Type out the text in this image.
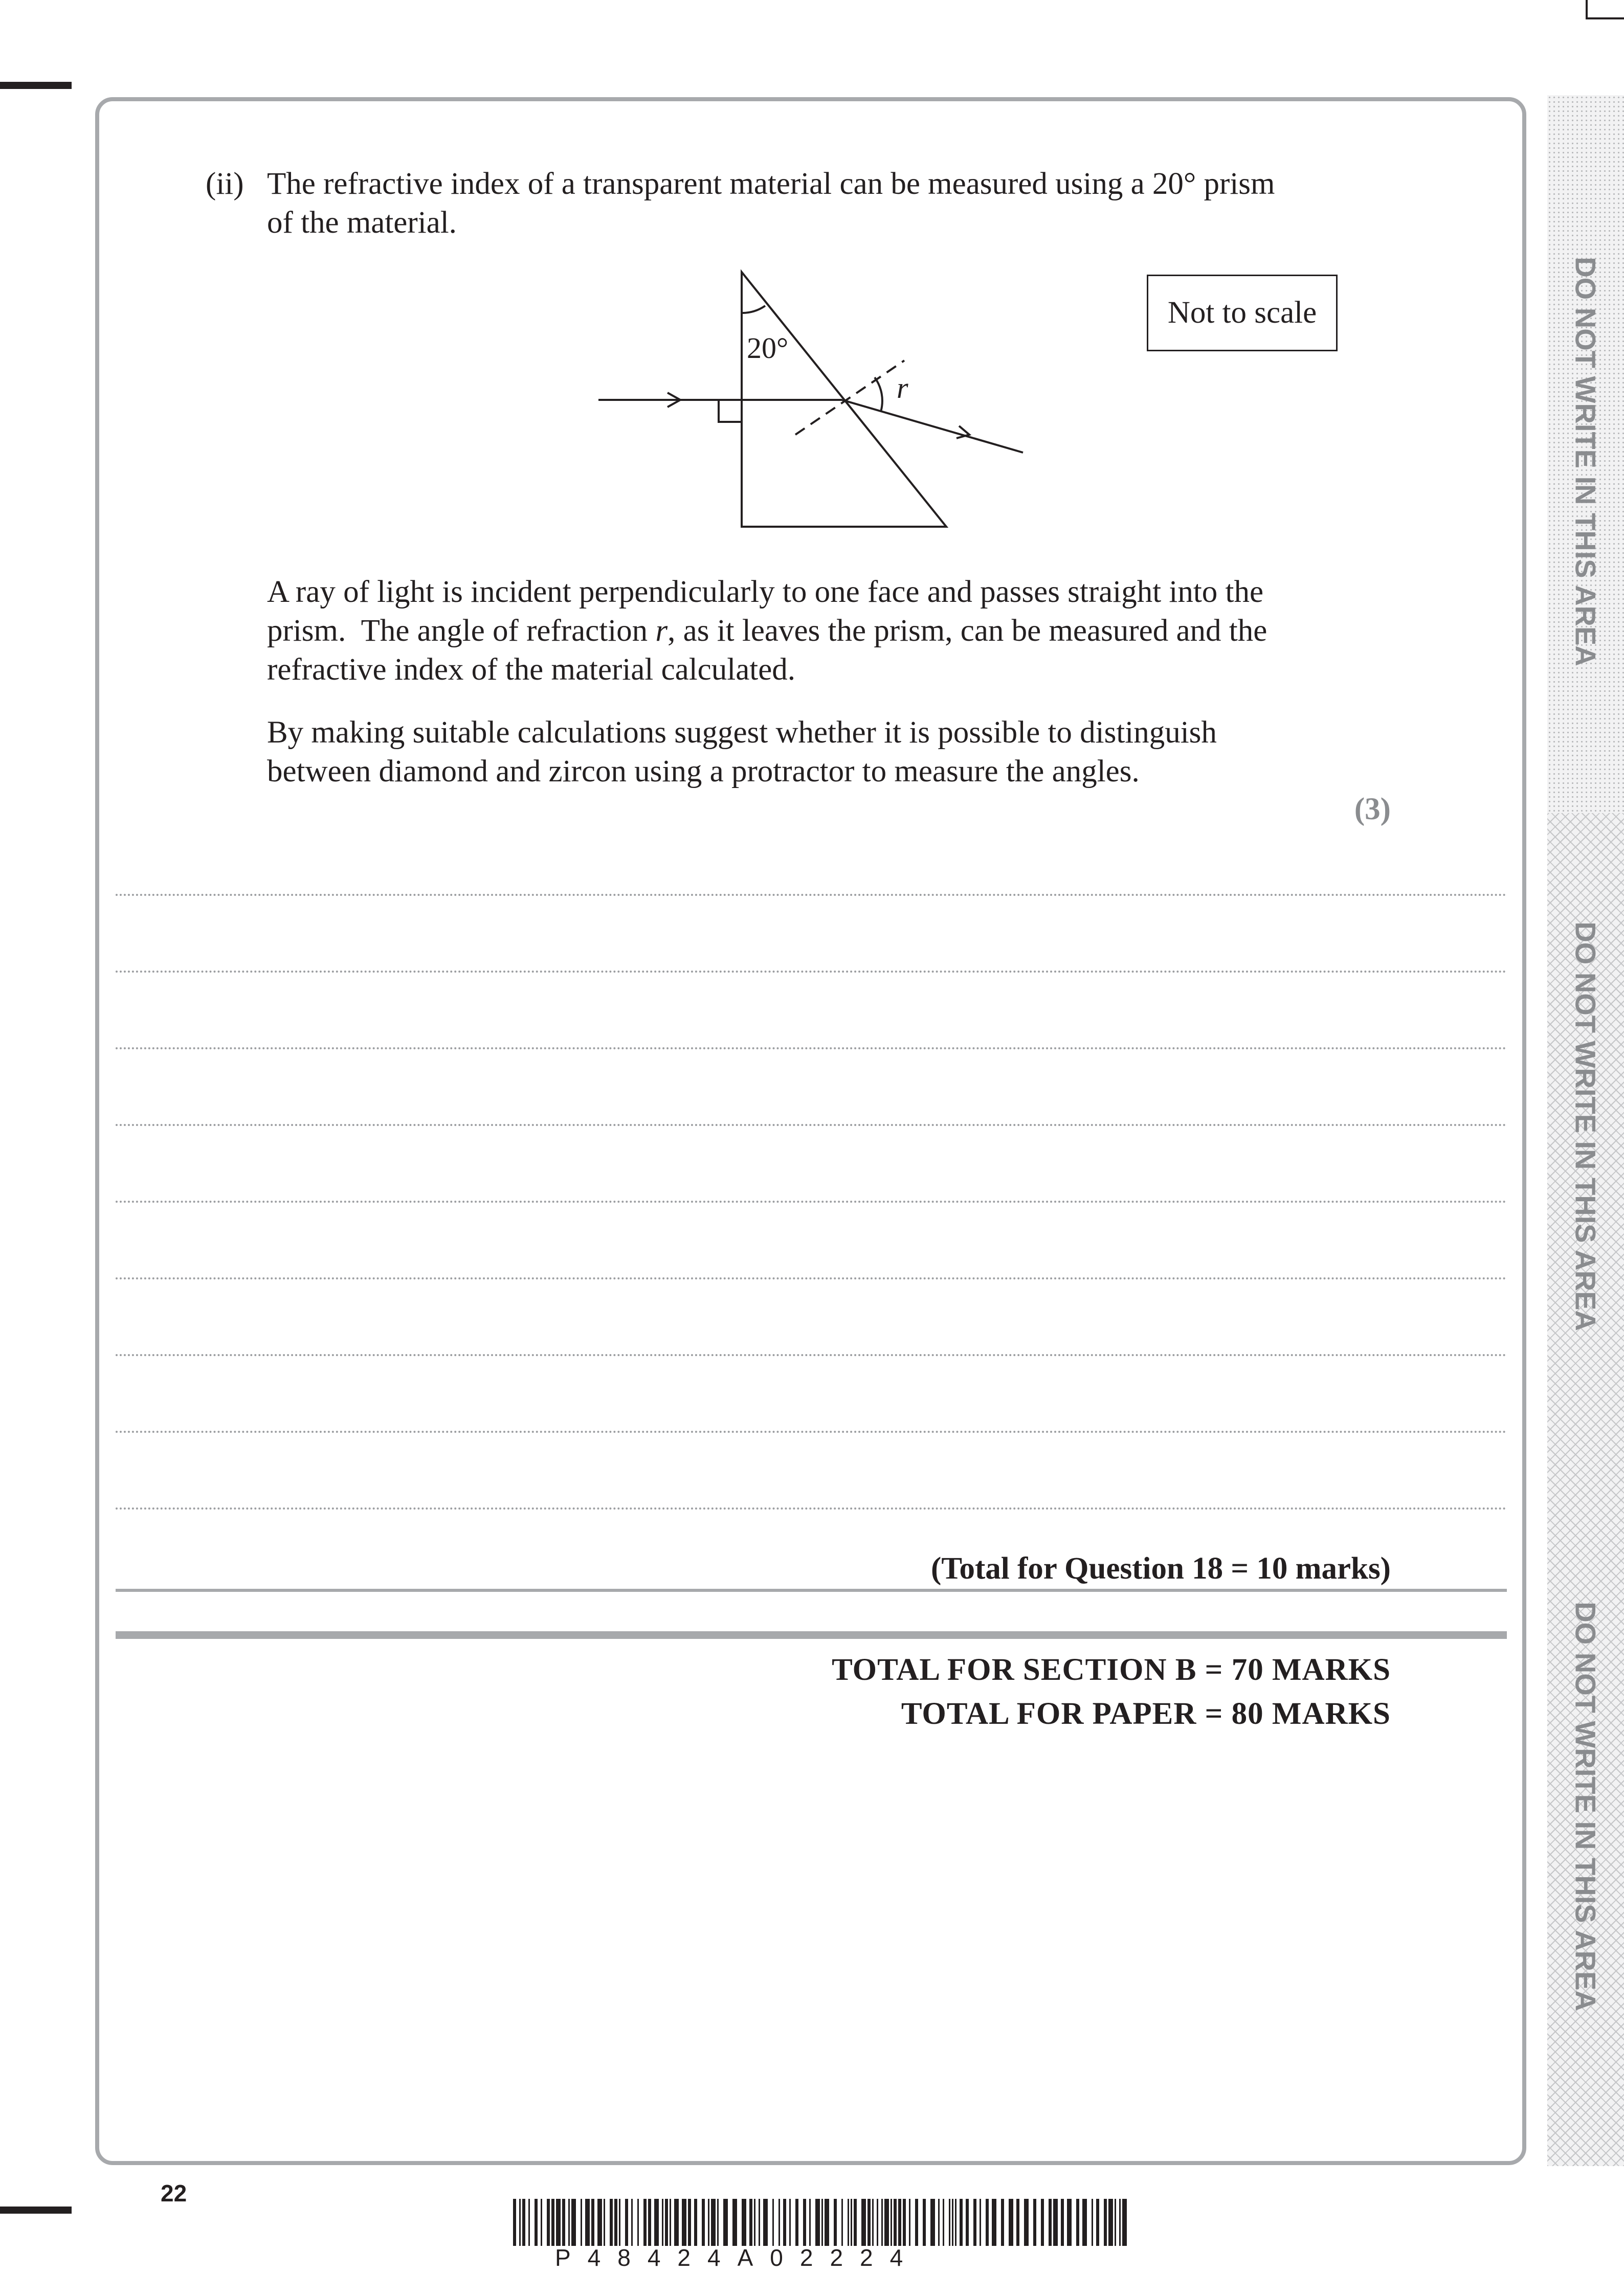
DO NOT WRITE IN THIS AREA
DO NOT WRITE IN THIS AREA
DO NOT WRITE IN THIS AREA
(ii) The refractive index of a transparent material can be measured using a 20° prism
of the material.
20°
r
Not to scale
A ray of light is incident perpendicularly to one face and passes straight into the
prism.  The angle of refraction r, as it leaves the prism, can be measured and the
refractive index of the material calculated.
By making suitable calculations suggest whether it is possible to distinguish
between diamond and zircon using a protractor to measure the angles.
(3)
(Total for Question 18 = 10 marks)
TOTAL FOR SECTION B = 70 MARKS
TOTAL FOR PAPER = 80 MARKS
22
P48424A02224
